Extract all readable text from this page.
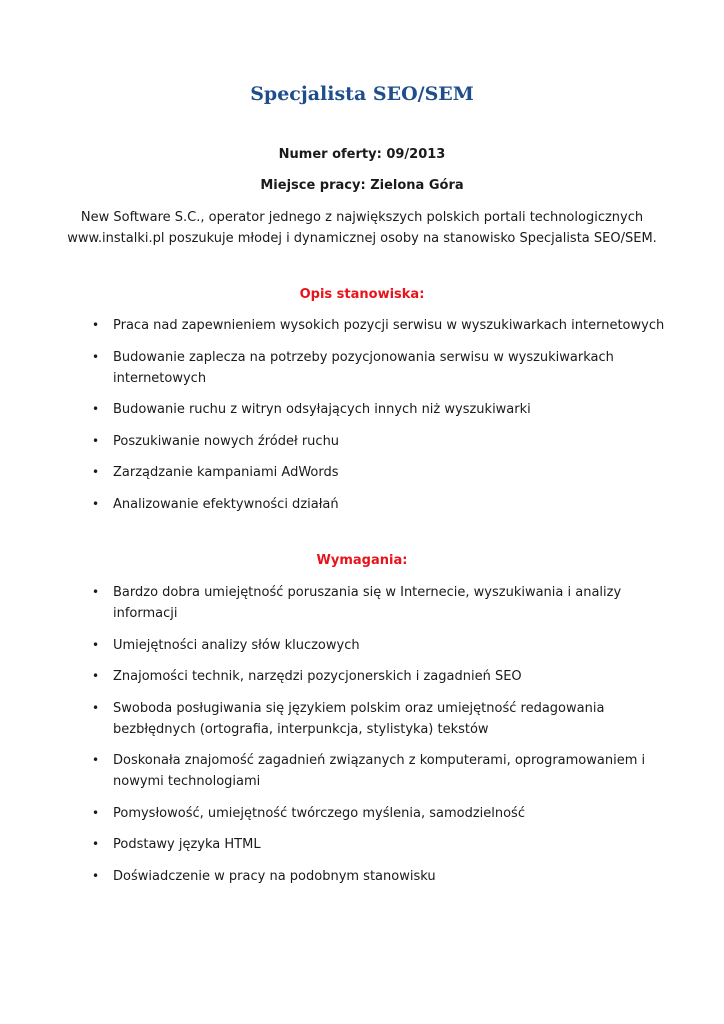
Specjalista SEO/SEM
Numer oferty: 09/2013
Miejsce pracy: Zielona Góra
New Software S.C., operator jednego z największych polskich portali technologicznych
www.instalki.pl poszukuje młodej i dynamicznej osoby na stanowisko Specjalista SEO/SEM.
Opis stanowiska:
• Praca nad zapewnieniem wysokich pozycji serwisu w wyszukiwarkach internetowych
• Budowanie zaplecza na potrzeby pozycjonowania serwisu w wyszukiwarkach internetowych
• Budowanie ruchu z witryn odsyłających innych niż wyszukiwarki
• Poszukiwanie nowych źródeł ruchu
• Zarządzanie kampaniami AdWords
• Analizowanie efektywności działań
Wymagania:
• Bardzo dobra umiejętność poruszania się w Internecie, wyszukiwania i analizy informacji
• Umiejętności analizy słów kluczowych
• Znajomości technik, narzędzi pozycjonerskich i zagadnień SEO
• Swoboda posługiwania się językiem polskim oraz umiejętność redagowania bezbłędnych (ortografia, interpunkcja, stylistyka) tekstów
• Doskonała znajomość zagadnień związanych z komputerami, oprogramowaniem i nowymi technologiami
• Pomysłowość, umiejętność twórczego myślenia, samodzielność
• Podstawy języka HTML
• Doświadczenie w pracy na podobnym stanowisku
